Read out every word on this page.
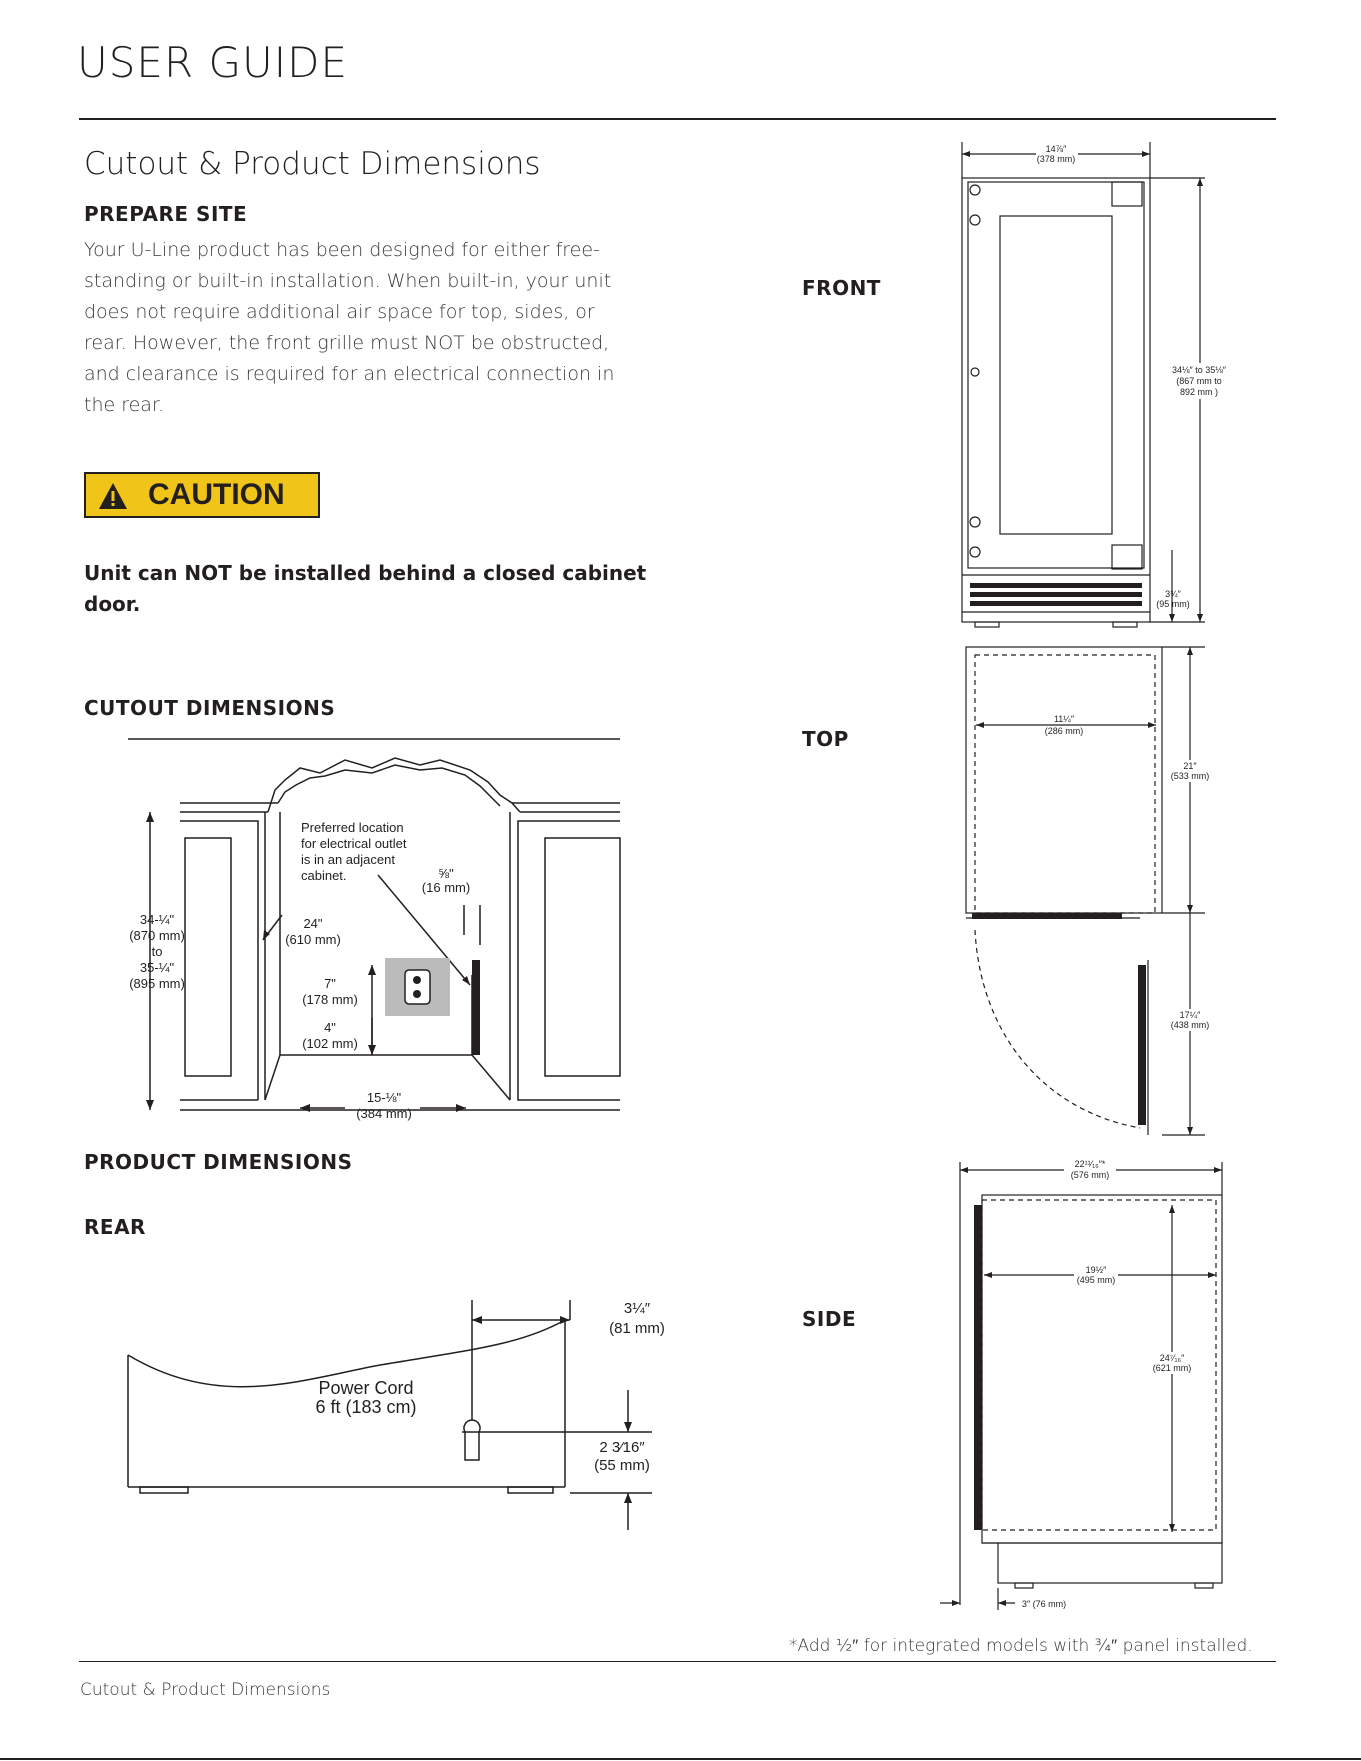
USER GUIDE
Cutout & Product Dimensions
PREPARE SITE
Your U-Line product has been designed for either free-standing or built-in installation. When built-in, your unit does not require additional air space for top, sides, or rear. However, the front grille must NOT be obstructed, and clearance is required for an electrical connection in the rear.
CAUTION
Unit can NOT be installed behind a closed cabinet door.
CUTOUT DIMENSIONS
Preferred location
for electrical outlet
is in an adjacent
cabinet.	⅝"
(16 mm)
34-¼"
(870 mm)
to
35-¼"
(895 mm)
24"
(610 mm)
7"
(178 mm)
4"
(102 mm)
15-⅛"
(384 mm)
PRODUCT DIMENSIONS
REAR
Power Cord
6 ft (183 cm)
3¼″
(81 mm)
2 3⁄16″
(55 mm)
FRONT
TOP
SIDE
14⅞″
(378 mm)
34⅛″ to 35⅛″
(867 mm to
892 mm )
3¾″
(95 mm)
11¼″
(286 mm)
21″
(533 mm)
17¼″
(438 mm)
22¹¹⁄₁₆″*
(576 mm)
19½″
(495 mm)
24⁷⁄₁₆″
(621 mm)
3″ (76 mm)
*Add ½″ for integrated models with ¾″ panel installed.
Cutout & Product Dimensions
